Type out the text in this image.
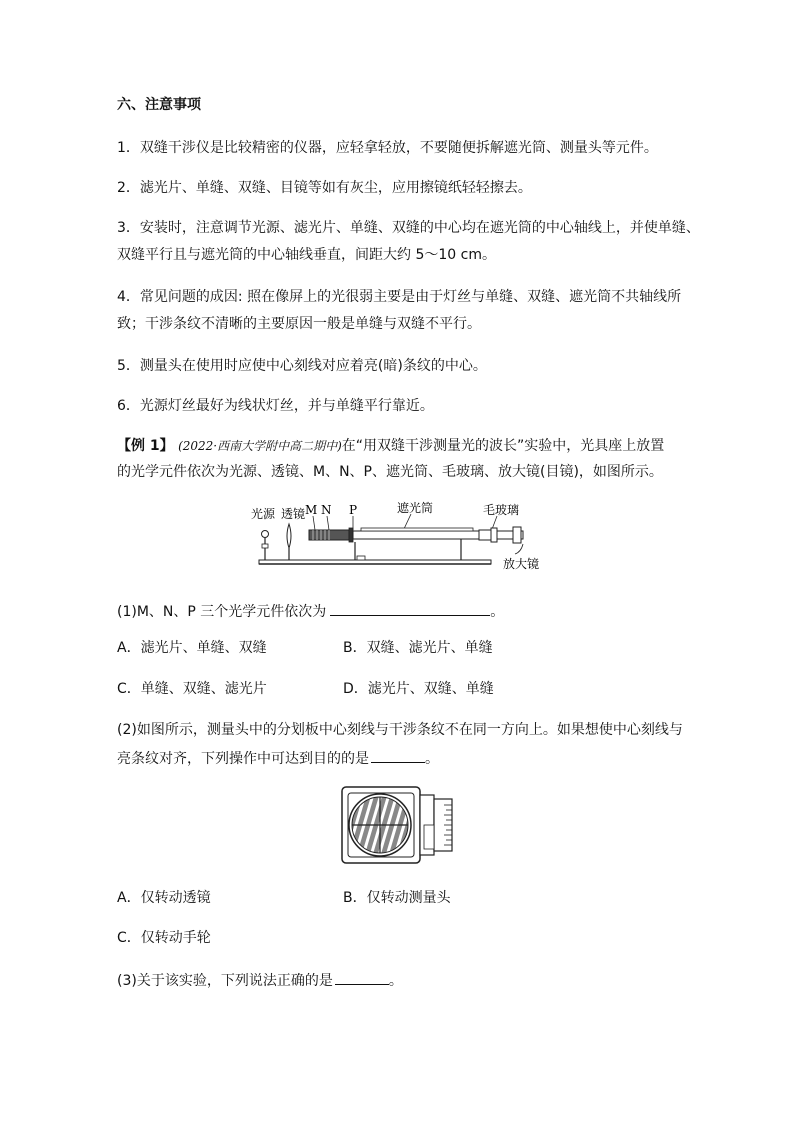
六、注意事项
1．双缝干涉仪是比较精密的仪器，应轻拿轻放，不要随便拆解遮光筒、测量头等元件。
2．滤光片、单缝、双缝、目镜等如有灰尘，应用擦镜纸轻轻擦去。
3．安装时，注意调节光源、滤光片、单缝、双缝的中心均在遮光筒的中心轴线上，并使单缝、
双缝平行且与遮光筒的中心轴线垂直，间距大约 5～10 cm。
4．常见问题的成因: 照在像屏上的光很弱主要是由于灯丝与单缝、双缝、遮光筒不共轴线所
致；干涉条纹不清晰的主要原因一般是单缝与双缝不平行。
5．测量头在使用时应使中心刻线对应着亮(暗)条纹的中心。
6．光源灯丝最好为线状灯丝，并与单缝平行靠近。
【例 1】 (2022·西南大学附中高二期中)在“用双缝干涉测量光的波长”实验中，光具座上放置
的光学元件依次为光源、透镜、M、N、P、遮光筒、毛玻璃、放大镜(目镜)，如图所示。
光源 透镜 M N P	遮光筒	毛玻璃
放大镜
(1)M、N、P 三个光学元件依次为	。
A．滤光片、单缝、双缝	B．双缝、滤光片、单缝
C．单缝、双缝、滤光片	D．滤光片、双缝、单缝
(2)如图所示，测量头中的分划板中心刻线与干涉条纹不在同一方向上。如果想使中心刻线与
亮条纹对齐，下列操作中可达到目的的是	。
A．仅转动透镜	B．仅转动测量头
C．仅转动手轮
(3)关于该实验，下列说法正确的是	。
